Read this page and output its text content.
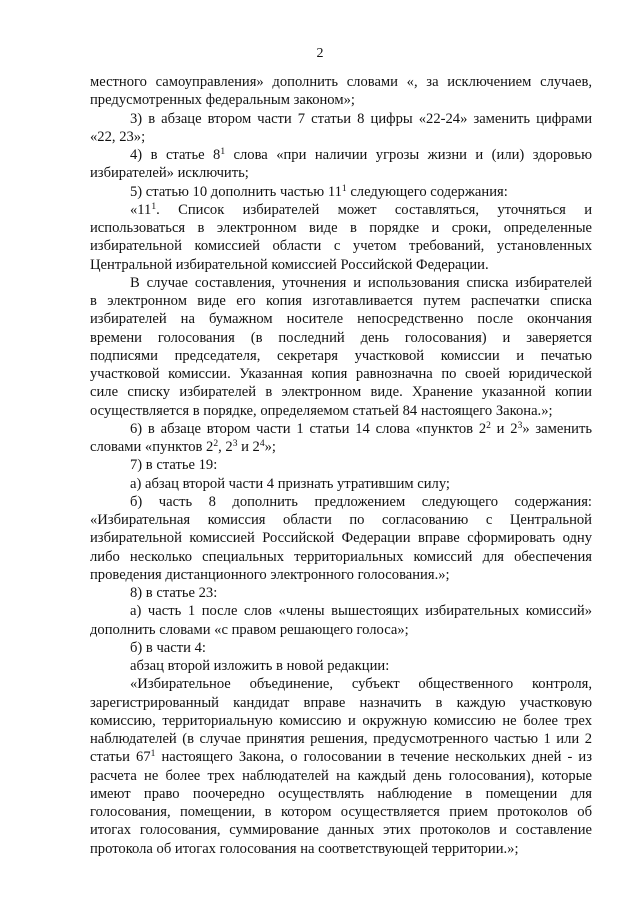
2
местного самоуправления» дополнить словами «, за исключением случаев,
предусмотренных федеральным законом»;
3) в абзаце втором части 7 статьи 8 цифры «22-24» заменить цифрами
«22, 23»;
4) в статье $8^1$ слова «при наличии угрозы жизни и (или) здоровью
избирателей» исключить;
5) статью 10 дополнить частью $11^1$ следующего содержания:
«$11^1$. Список избирателей может составляться, уточняться и
использоваться в электронном виде в порядке и сроки, определенные
избирательной комиссией области с учетом требований, установленных
Центральной избирательной комиссией Российской Федерации.
В случае составления, уточнения и использования списка избирателей
в электронном виде его копия изготавливается путем распечатки списка
избирателей на бумажном носителе непосредственно после окончания
времени голосования (в последний день голосования) и заверяется
подписями председателя, секретаря участковой комиссии и печатью
участковой комиссии. Указанная копия равнозначна по своей юридической
силе списку избирателей в электронном виде. Хранение указанной копии
осуществляется в порядке, определяемом статьей 84 настоящего Закона.»;
6) в абзаце втором части 1 статьи 14 слова «пунктов $2^2$ и $2^3$» заменить
словами «пунктов $2^2$, $2^3$ и $2^4$»;
7) в статье 19:
а) абзац второй части 4 признать утратившим силу;
б) часть 8 дополнить предложением следующего содержания:
«Избирательная комиссия области по согласованию с Центральной
избирательной комиссией Российской Федерации вправе сформировать одну
либо несколько специальных территориальных комиссий для обеспечения
проведения дистанционного электронного голосования.»;
8) в статье 23:
а) часть 1 после слов «члены вышестоящих избирательных комиссий»
дополнить словами «с правом решающего голоса»;
б) в части 4:
абзац второй изложить в новой редакции:
«Избирательное объединение, субъект общественного контроля,
зарегистрированный кандидат вправе назначить в каждую участковую
комиссию, территориальную комиссию и окружную комиссию не более трех
наблюдателей (в случае принятия решения, предусмотренного частью 1 или 2
статьи $67^1$ настоящего Закона, о голосовании в течение нескольких дней - из
расчета не более трех наблюдателей на каждый день голосования), которые
имеют право поочередно осуществлять наблюдение в помещении для
голосования, помещении, в котором осуществляется прием протоколов об
итогах голосования, суммирование данных этих протоколов и составление
протокола об итогах голосования на соответствующей территории.»;
